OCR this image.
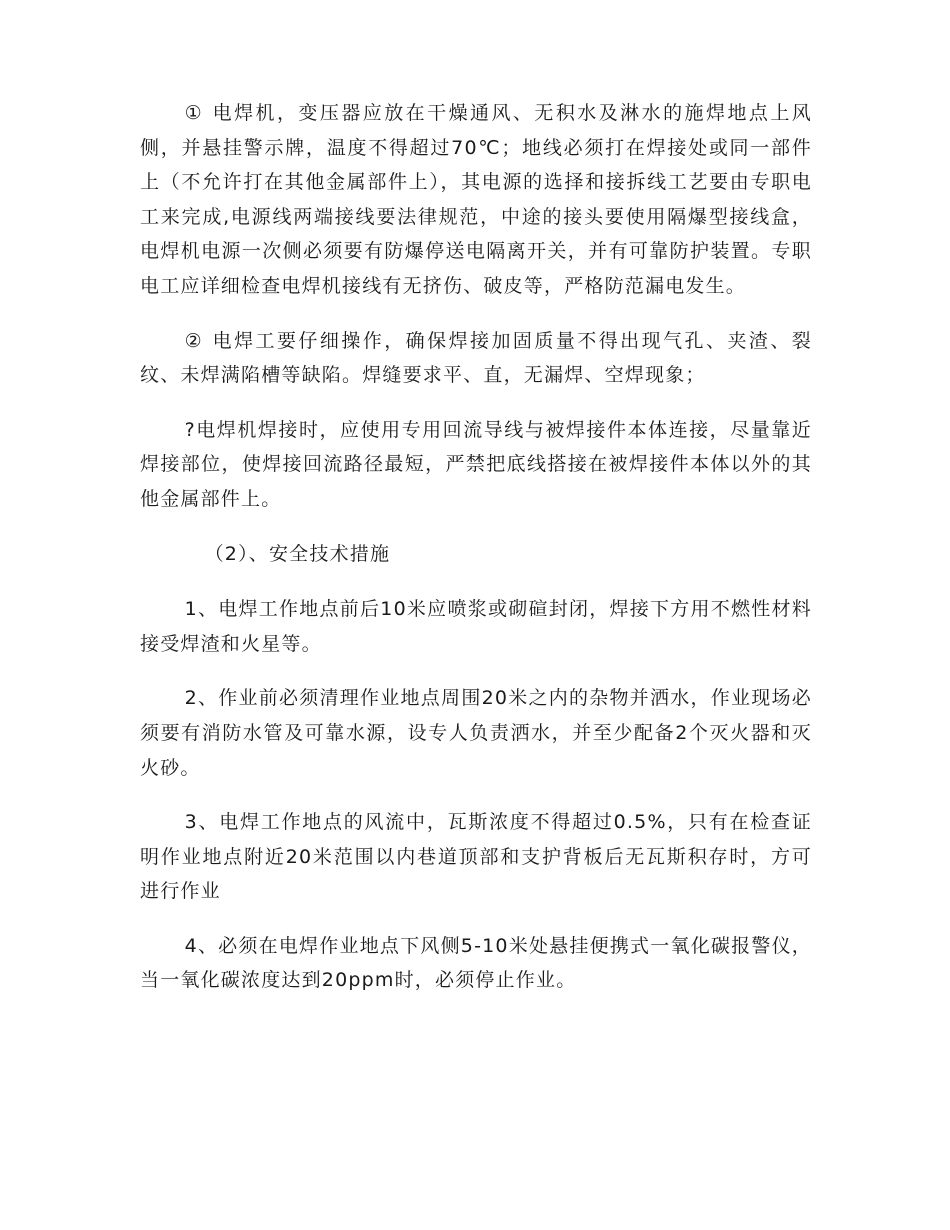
① 电焊机，变压器应放在干燥通风、无积水及淋水的施焊地点上风侧，并悬挂警示牌，温度不得超过70℃；地线必须打在焊接处或同一部件上（不允许打在其他金属部件上），其电源的选择和接拆线工艺要由专职电工来完成,电源线两端接线要法律规范，中途的接头要使用隔爆型接线盒，电焊机电源一次侧必须要有防爆停送电隔离开关，并有可靠防护装置。专职电工应详细检查电焊机接线有无挤伤、破皮等，严格防范漏电发生。

② 电焊工要仔细操作，确保焊接加固质量不得出现气孔、夹渣、裂纹、未焊满陷槽等缺陷。焊缝要求平、直，无漏焊、空焊现象；

?电焊机焊接时，应使用专用回流导线与被焊接件本体连接，尽量靠近焊接部位，使焊接回流路径最短，严禁把底线搭接在被焊接件本体以外的其他金属部件上。

（2）、安全技术措施

1、电焊工作地点前后10米应喷浆或砌碹封闭，焊接下方用不燃性材料接受焊渣和火星等。

2、作业前必须清理作业地点周围20米之内的杂物并洒水，作业现场必须要有消防水管及可靠水源，设专人负责洒水，并至少配备2个灭火器和灭火砂。

3、电焊工作地点的风流中，瓦斯浓度不得超过0.5%，只有在检查证明作业地点附近20米范围以内巷道顶部和支护背板后无瓦斯积存时，方可进行作业

4、必须在电焊作业地点下风侧5-10米处悬挂便携式一氧化碳报警仪，当一氧化碳浓度达到20ppm时，必须停止作业。
